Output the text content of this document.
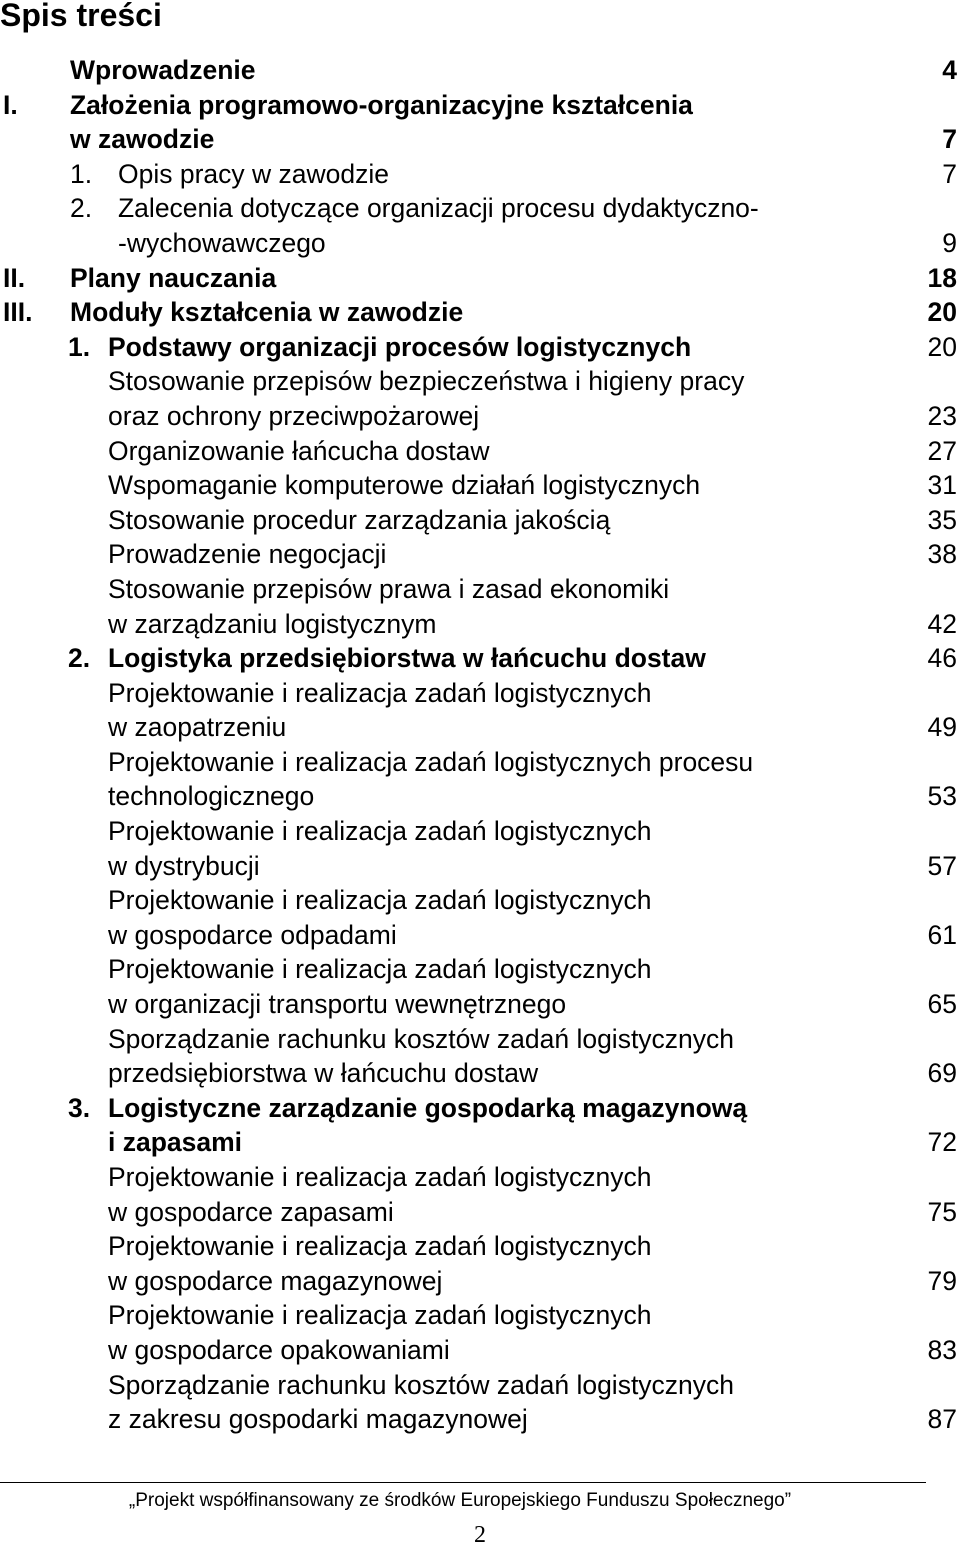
Spis treści
Wprowadzenie	4
I. Założenia programowo-organizacyjne kształcenia
w zawodzie	7
1. Opis pracy w zawodzie	7
2. Zalecenia dotyczące organizacji procesu dydaktyczno-
-wychowawczego	9
II. Plany nauczania	18
III. Moduły kształcenia w zawodzie	20
1. Podstawy organizacji procesów logistycznych	20
Stosowanie przepisów bezpieczeństwa i higieny pracy
oraz ochrony przeciwpożarowej	23
Organizowanie łańcucha dostaw	27
Wspomaganie komputerowe działań logistycznych	31
Stosowanie procedur zarządzania jakością	35
Prowadzenie negocjacji	38
Stosowanie przepisów prawa i zasad ekonomiki
w zarządzaniu logistycznym	42
2. Logistyka przedsiębiorstwa w łańcuchu dostaw	46
Projektowanie i realizacja zadań logistycznych
w zaopatrzeniu	49
Projektowanie i realizacja zadań logistycznych procesu
technologicznego	53
Projektowanie i realizacja zadań logistycznych
w dystrybucji	57
Projektowanie i realizacja zadań logistycznych
w gospodarce odpadami	61
Projektowanie i realizacja zadań logistycznych
w organizacji transportu wewnętrznego	65
Sporządzanie rachunku kosztów zadań logistycznych
przedsiębiorstwa w łańcuchu dostaw	69
3. Logistyczne zarządzanie gospodarką magazynową
i zapasami	72
Projektowanie i realizacja zadań logistycznych
w gospodarce zapasami	75
Projektowanie i realizacja zadań logistycznych
w gospodarce magazynowej	79
Projektowanie i realizacja zadań logistycznych
w gospodarce opakowaniami	83
Sporządzanie rachunku kosztów zadań logistycznych
z zakresu gospodarki magazynowej	87
„Projekt współfinansowany ze środków Europejskiego Funduszu Społecznego”
2
